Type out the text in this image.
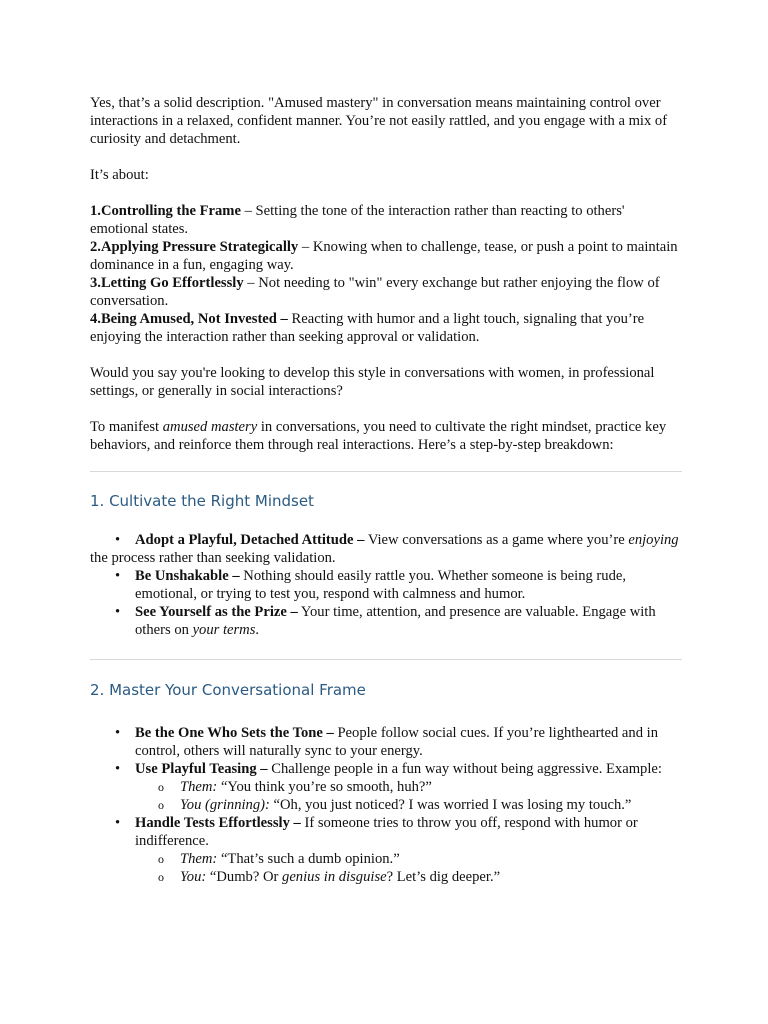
Yes, that’s a solid description. "Amused mastery" in conversation means maintaining control over interactions in a relaxed, confident manner. You’re not easily rattled, and you engage with a mix of curiosity and detachment.

It’s about:

1.Controlling the Frame – Setting the tone of the interaction rather than reacting to others' emotional states.

2.Applying Pressure Strategically – Knowing when to challenge, tease, or push a point to maintain dominance in a fun, engaging way.

3.Letting Go Effortlessly – Not needing to "win" every exchange but rather enjoying the flow of conversation.

4.Being Amused, Not Invested – Reacting with humor and a light touch, signaling that you’re enjoying the interaction rather than seeking approval or validation.

Would you say you're looking to develop this style in conversations with women, in professional settings, or generally in social interactions?

To manifest amused mastery in conversations, you need to cultivate the right mindset, practice key behaviors, and reinforce them through real interactions. Here’s a step-by-step breakdown:

1. Cultivate the Right Mindset
• Adopt a Playful, Detached Attitude – View conversations as a game where you’re enjoying the process rather than seeking validation.
• Be Unshakable – Nothing should easily rattle you. Whether someone is being rude, emotional, or trying to test you, respond with calmness and humor.
• See Yourself as the Prize – Your time, attention, and presence are valuable. Engage with others on your terms.
2. Master Your Conversational Frame
• Be the One Who Sets the Tone – People follow social cues. If you’re lighthearted and in control, others will naturally sync to your energy.
• Use Playful Teasing – Challenge people in a fun way without being aggressive. Example:
o Them: “You think you’re so smooth, huh?”
o You (grinning): “Oh, you just noticed? I was worried I was losing my touch.”
• Handle Tests Effortlessly – If someone tries to throw you off, respond with humor or indifference.
o Them: “That’s such a dumb opinion.”
o You: “Dumb? Or genius in disguise? Let’s dig deeper.”
